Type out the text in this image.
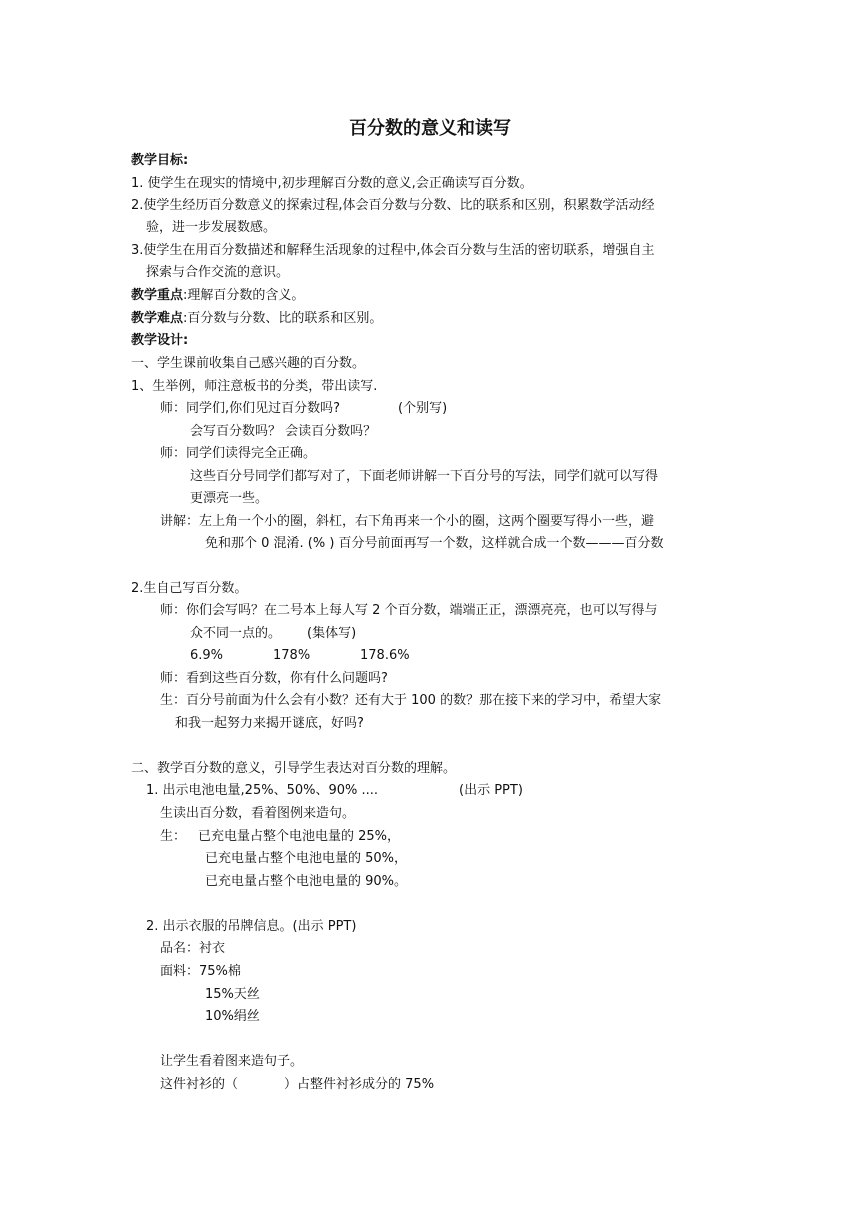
百分数的意义和读写
教学目标:
1. 使学生在现实的情境中,初步理解百分数的意义,会正确读写百分数。
2.使学生经历百分数意义的探索过程,体会百分数与分数、比的联系和区别，积累数学活动经
验，进一步发展数感。
3.使学生在用百分数描述和解释生活现象的过程中,体会百分数与生活的密切联系，增强自主
探索与合作交流的意识。
教学重点:理解百分数的含义。
教学难点:百分数与分数、比的联系和区别。
教学设计:
一、学生课前收集自己感兴趣的百分数。
1、生举例，师注意板书的分类，带出读写.
师：同学们,你们见过百分数吗?	(个别写)
会写百分数吗？ 会读百分数吗？
师：同学们读得完全正确。
这些百分号同学们都写对了，下面老师讲解一下百分号的写法，同学们就可以写得
更漂亮一些。
讲解：左上角一个小的圈，斜杠，右下角再来一个小的圈，这两个圈要写得小一些，避
免和那个 0 混淆. (% ) 百分号前面再写一个数，这样就合成一个数———百分数
2.生自己写百分数。
师：你们会写吗？在二号本上每人写 2 个百分数，端端正正，漂漂亮亮，也可以写得与
众不同一点的。 (集体写)
6.9%	178%	178.6%
师：看到这些百分数，你有什么问题吗?
生：百分号前面为什么会有小数？还有大于 100 的数？那在接下来的学习中，希望大家
和我一起努力来揭开谜底，好吗?
二、教学百分数的意义，引导学生表达对百分数的理解。
1. 出示电池电量,25%、50%、90% ....	(出示 PPT)
生读出百分数，看着图例来造句。
生： 已充电量占整个电池电量的 25%，
已充电量占整个电池电量的 50%，
已充电量占整个电池电量的 90%。
2. 出示衣服的吊牌信息。(出示 PPT)
品名：衬衣
面料：75%棉
15%天丝
10%绢丝
让学生看着图来造句子。
这件衬衫的（	）占整件衬衫成分的 75%
